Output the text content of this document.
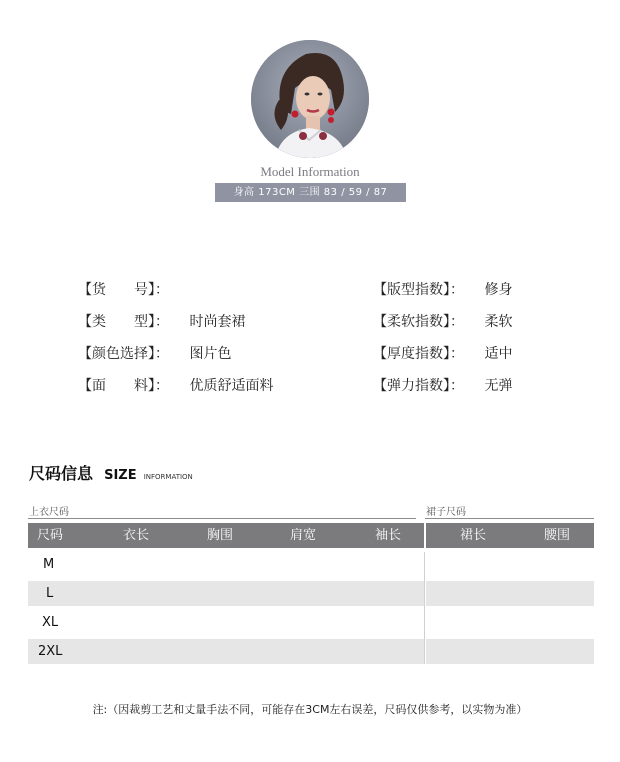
Model Information
身高 173CM 三围 83 / 59 / 87
【货　　号】：
【类　　型】： 时尚套裙
【颜色选择】： 图片色
【面　　料】： 优质舒适面料
【版型指数】： 修身
【柔软指数】： 柔软
【厚度指数】： 适中
【弹力指数】： 无弹
尺码信息 SIZE INFORMATION
上衣尺码	裙子尺码
尺码	衣长	胸围	肩宽	袖长	裙长	腰围
M
L
XL
2XL
注:（因裁剪工艺和丈量手法不同，可能存在3CM左右误差，尺码仅供参考，以实物为准）
